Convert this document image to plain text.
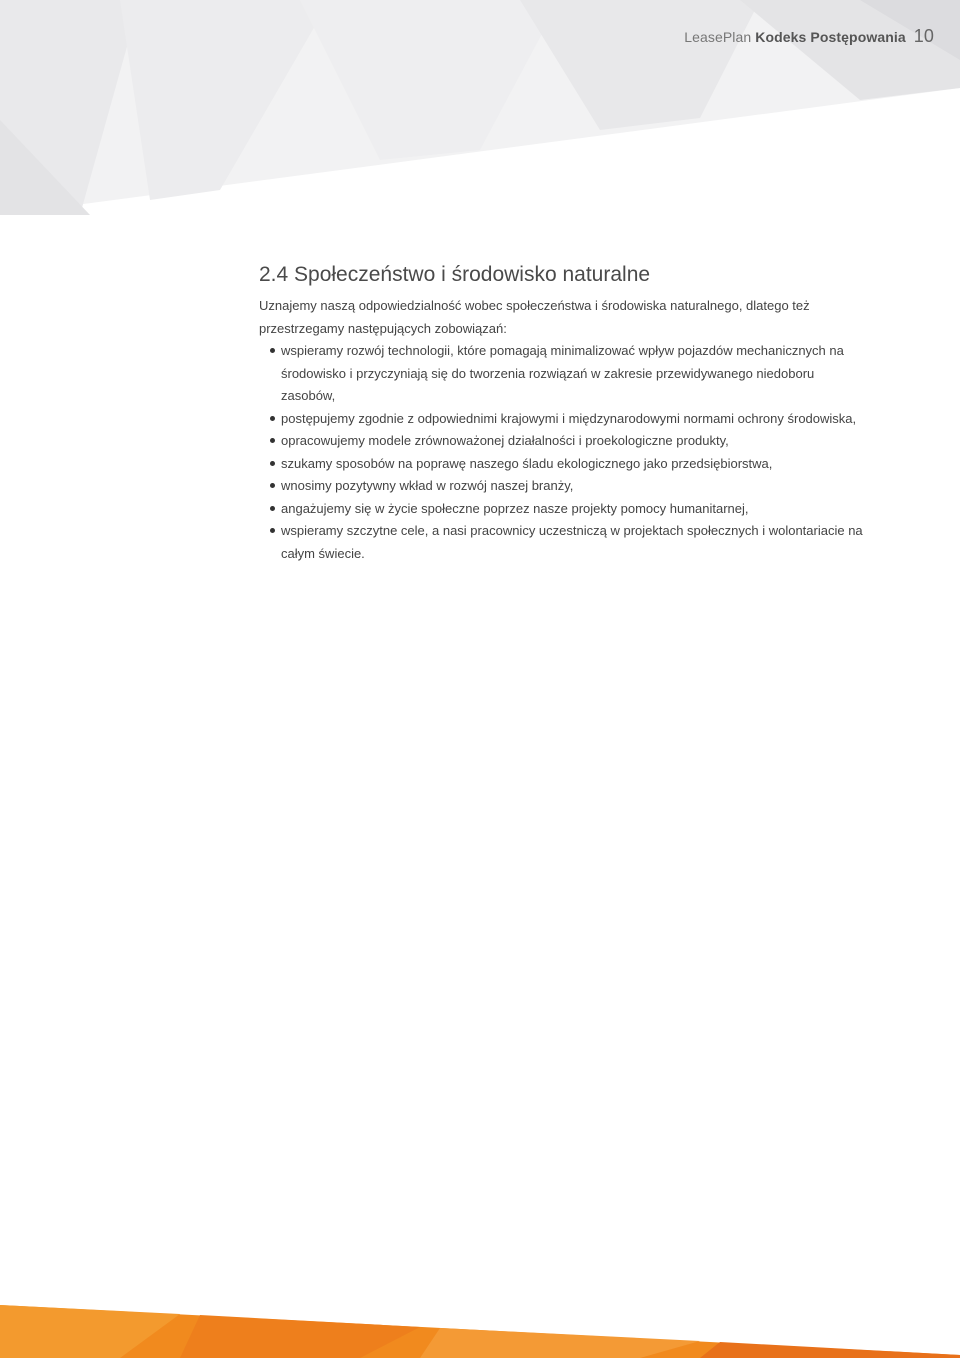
LeasePlan Kodeks Postępowania 10
2.4 Społeczeństwo i środowisko naturalne

Uznajemy naszą odpowiedzialność wobec społeczeństwa i środowiska naturalnego, dlatego też przestrzegamy następujących zobowiązań:

wspieramy rozwój technologii, które pomagają minimalizować wpływ pojazdów mechanicznych na środowisko i przyczyniają się do tworzenia rozwiązań w zakresie przewidywanego niedoboru zasobów,
postępujemy zgodnie z odpowiednimi krajowymi i międzynarodowymi normami ochrony środowiska,
opracowujemy modele zrównoważonej działalności i proekologiczne produkty,
szukamy sposobów na poprawę naszego śladu ekologicznego jako przedsiębiorstwa,
wnosimy pozytywny wkład w rozwój naszej branży,
angażujemy się w życie społeczne poprzez nasze projekty pomocy humanitarnej,
wspieramy szczytne cele, a nasi pracownicy uczestniczą w projektach społecznych i wolontariacie na całym świecie.
